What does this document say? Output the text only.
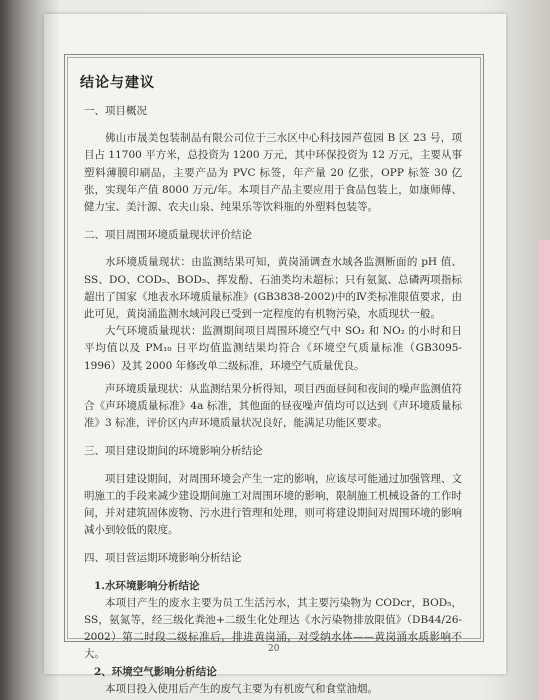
结论与建议

一、项目概况

佛山市晟美包装制品有限公司位于三水区中心科技园芦苞园 B 区 23 号，项目占 11700 平方米，总投资为 1200 万元，其中环保投资为 12 万元，主要从事塑料薄膜印刷品，主要产品为 PVC 标签，年产量 20 亿张，OPP 标签 30 亿张，实现年产值 8000 万元/年。本项目产品主要应用于食品包装上，如康师傅、健力宝、美汁源、农夫山泉、纯果乐等饮料瓶的外塑料包装等。

二、项目周围环境质量现状评价结论

水环境质量现状：由监测结果可知，黄岗涌调查水域各监测断面的 pH 值、SS、DO、COD₅、BOD₅、挥发酚、石油类均未超标；只有氨氮、总磷两项指标超出了国家《地表水环境质量标准》(GB3838-2002)中的Ⅳ类标准限值要求，由此可见，黄岗涌监测水域河段已受到一定程度的有机物污染，水质现状一般。

大气环境质量现状：监测期间项目周围环境空气中 SO₂ 和 NO₂ 的小时和日平均值以及 PM₁₀ 日平均值监测结果均符合《环境空气质量标准（GB3095-1996）及其 2000 年修改单二级标准，环境空气质量优良。

声环境质量现状：从监测结果分析得知，项目西面昼间和夜间的噪声监测值符合《声环境质量标准》4a 标准，其他面的昼夜噪声值均可以达到《声环境质量标准》3 标准，评价区内声环境质量状况良好，能满足功能区要求。

三、项目建设期间的环境影响分析结论

项目建设期间，对周围环境会产生一定的影响，应该尽可能通过加强管理、文明施工的手段来减少建设期间施工对周围环境的影响，限制施工机械设备的工作时间，并对建筑固体废物、污水进行管理和处理，则可将建设期间对周围环境的影响减小到较低的限度。

四、项目营运期环境影响分析结论

1.水环境影响分析结论

本项目产生的废水主要为员工生活污水，其主要污染物为 CODcr，BOD₅，SS，氨氮等，经三级化粪池+二级生化处理达《水污染物排放限值》（DB44/26-2002）第二时段二级标准后，排进黄岗涌，对受纳水体——黄岗涌水质影响不大。

2、环境空气影响分析结论

本项目投入使用后产生的废气主要为有机废气和食堂油烟。

20
